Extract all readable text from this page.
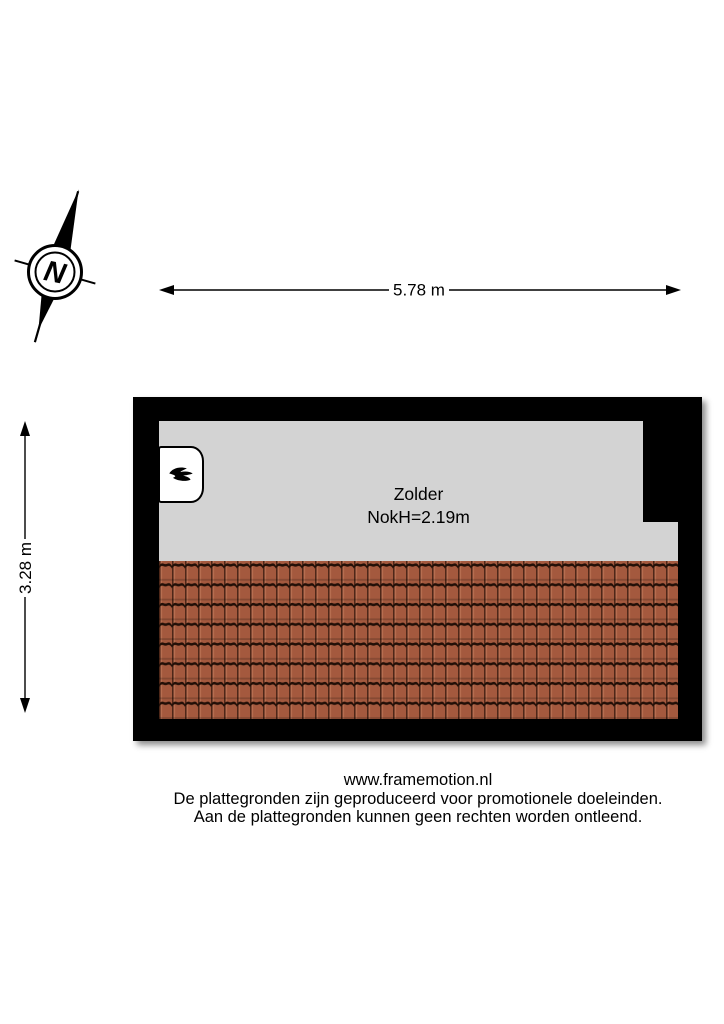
N	5.78 m
3.28 m
Zolder
NokH=2.19m
www.framemotion.nl
De plattegronden zijn geproduceerd voor promotionele doeleinden.
Aan de plattegronden kunnen geen rechten worden ontleend.
